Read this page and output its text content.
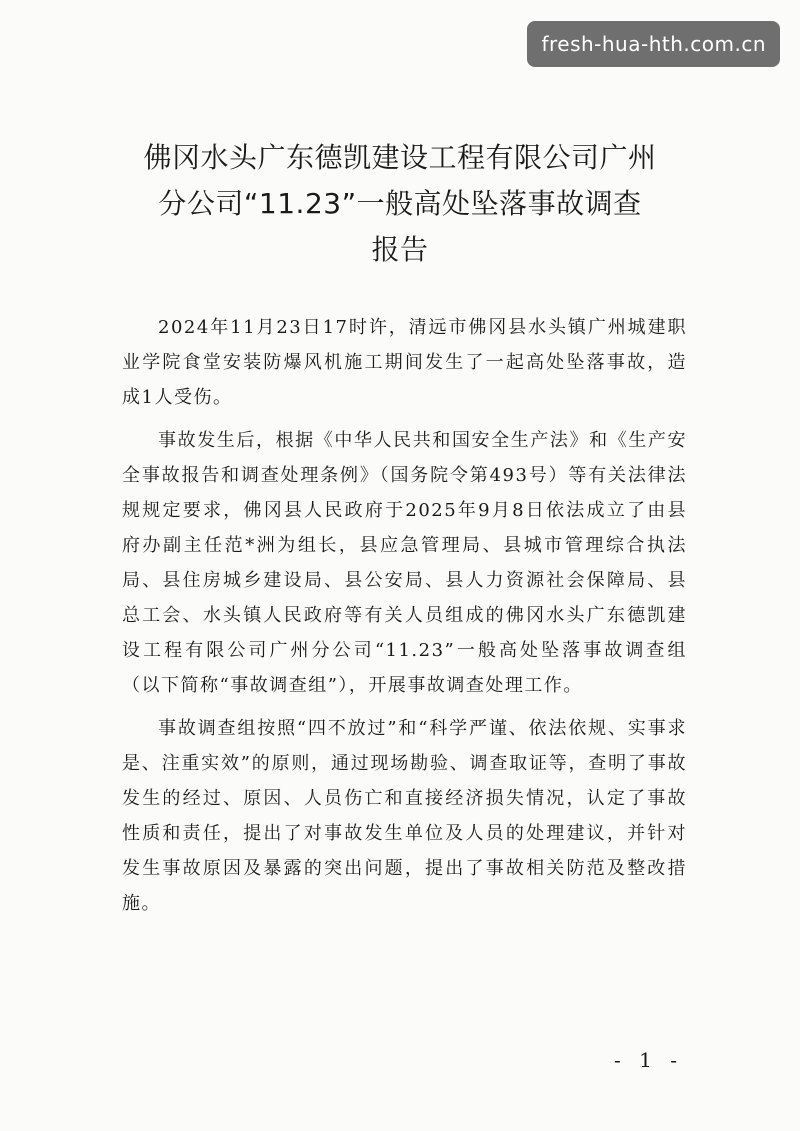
fresh-hua-hth.com.cn
佛冈水头广东德凯建设工程有限公司广州
分公司“11.23”一般高处坠落事故调查
报告

2024年11月23日17时许，清远市佛冈县水头镇广州城建职业学院食堂安装防爆风机施工期间发生了一起高处坠落事故，造成1人受伤。

事故发生后，根据《中华人民共和国安全生产法》和《生产安全事故报告和调查处理条例》（国务院令第493号）等有关法律法规规定要求，佛冈县人民政府于2025年9月8日依法成立了由县府办副主任范*洲为组长，县应急管理局、县城市管理综合执法局、县住房城乡建设局、县公安局、县人力资源社会保障局、县总工会、水头镇人民政府等有关人员组成的佛冈水头广东德凯建设工程有限公司广州分公司“11.23”一般高处坠落事故调查组（以下简称“事故调查组”），开展事故调查处理工作。

事故调查组按照“四不放过”和“科学严谨、依法依规、实事求是、注重实效”的原则，通过现场勘验、调查取证等，查明了事故发生的经过、原因、人员伤亡和直接经济损失情况，认定了事故性质和责任，提出了对事故发生单位及人员的处理建议，并针对发生事故原因及暴露的突出问题，提出了事故相关防范及整改措施。

- 1 -
